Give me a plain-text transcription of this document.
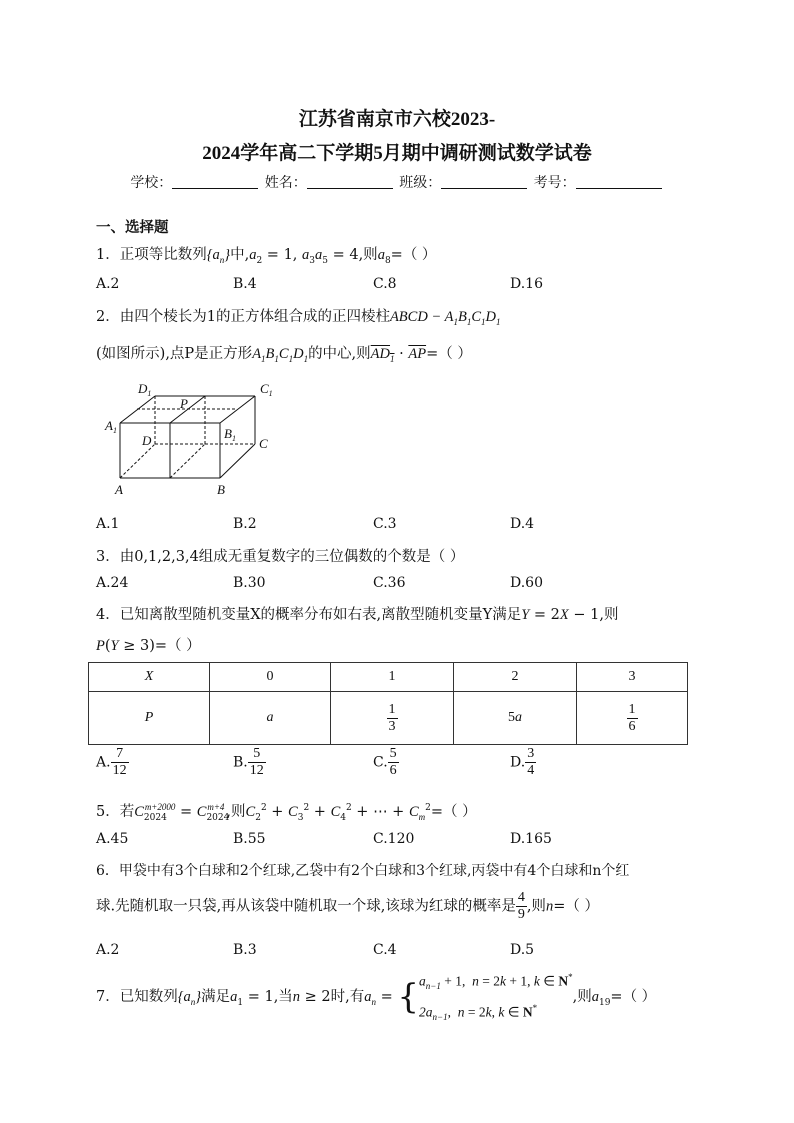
江苏省南京市六校2023-
2024学年高二下学期5月期中调研测试数学试卷
学校：	姓名：	班级：	考号：
一、选择题
1．正项等比数列$\{a_n\}$中$,a_2 = 1$, $a_3a_5 = 4$,则$a_8=$（ ）
A.2	B.4	C.8	D.16
2．由四个棱长为1的正方体组合成的正四棱柱ABCD − $A_1B_1C_1D_1$
(如图所示),点P是正方形$A_1B_1C_1D_1$的中心,则$AD_1 \cdot \overline{AP}=$（ ）
$D_1$
P
$C_1$
$A_1$
D	$B_1$ C
A	B
A.1	B.2	C.3	D.4
3．由0,1,2,3,4组成无重复数字的三位偶数的个数是（ ）
A.24	B.30	C.36	D.60
4．已知离散型随机变量X的概率分布如右表,离散型随机变量Y满足Y = 2X − 1,则
P(Y ≥ 3)=（ ）
X	0	1	2	3
P	a	$\frac{1}{3}$	5a	$\frac{1}{6}$
A. $\frac{7}{12}$	B. $\frac{5}{12}$	C. $\frac{5}{6}$	D. $\frac{3}{4}$
5．若$C_{2024}^{m+2000} = C_{2024}^{m+4}$ ,则$C_2^2 + C_3^2 + C_4^2$ + ⋯ + $C_m^2=$（ ）
A.45	B.55	C.120	D.165
6．甲袋中有3个白球和2个红球,乙袋中有2个白球和3个红球,丙袋中有4个白球和n个红
球.先随机取一只袋,再从该袋中随机取一个球,该球为红球的概率是 $\frac{4}{9}$ ,则n=（ ）
A.2	B.3	C.4	D.5
7．已知数列$\{a_n\}$满足$a_1 = 1$,当n ≥ 2时,有$a_n$ = { $a_{n-1} + 1$,  n = 2k + 1, k ∈ N*
$2a_{n-1}$,  n = 2k, k ∈ N*
,则$a_{19}=$（ ）
